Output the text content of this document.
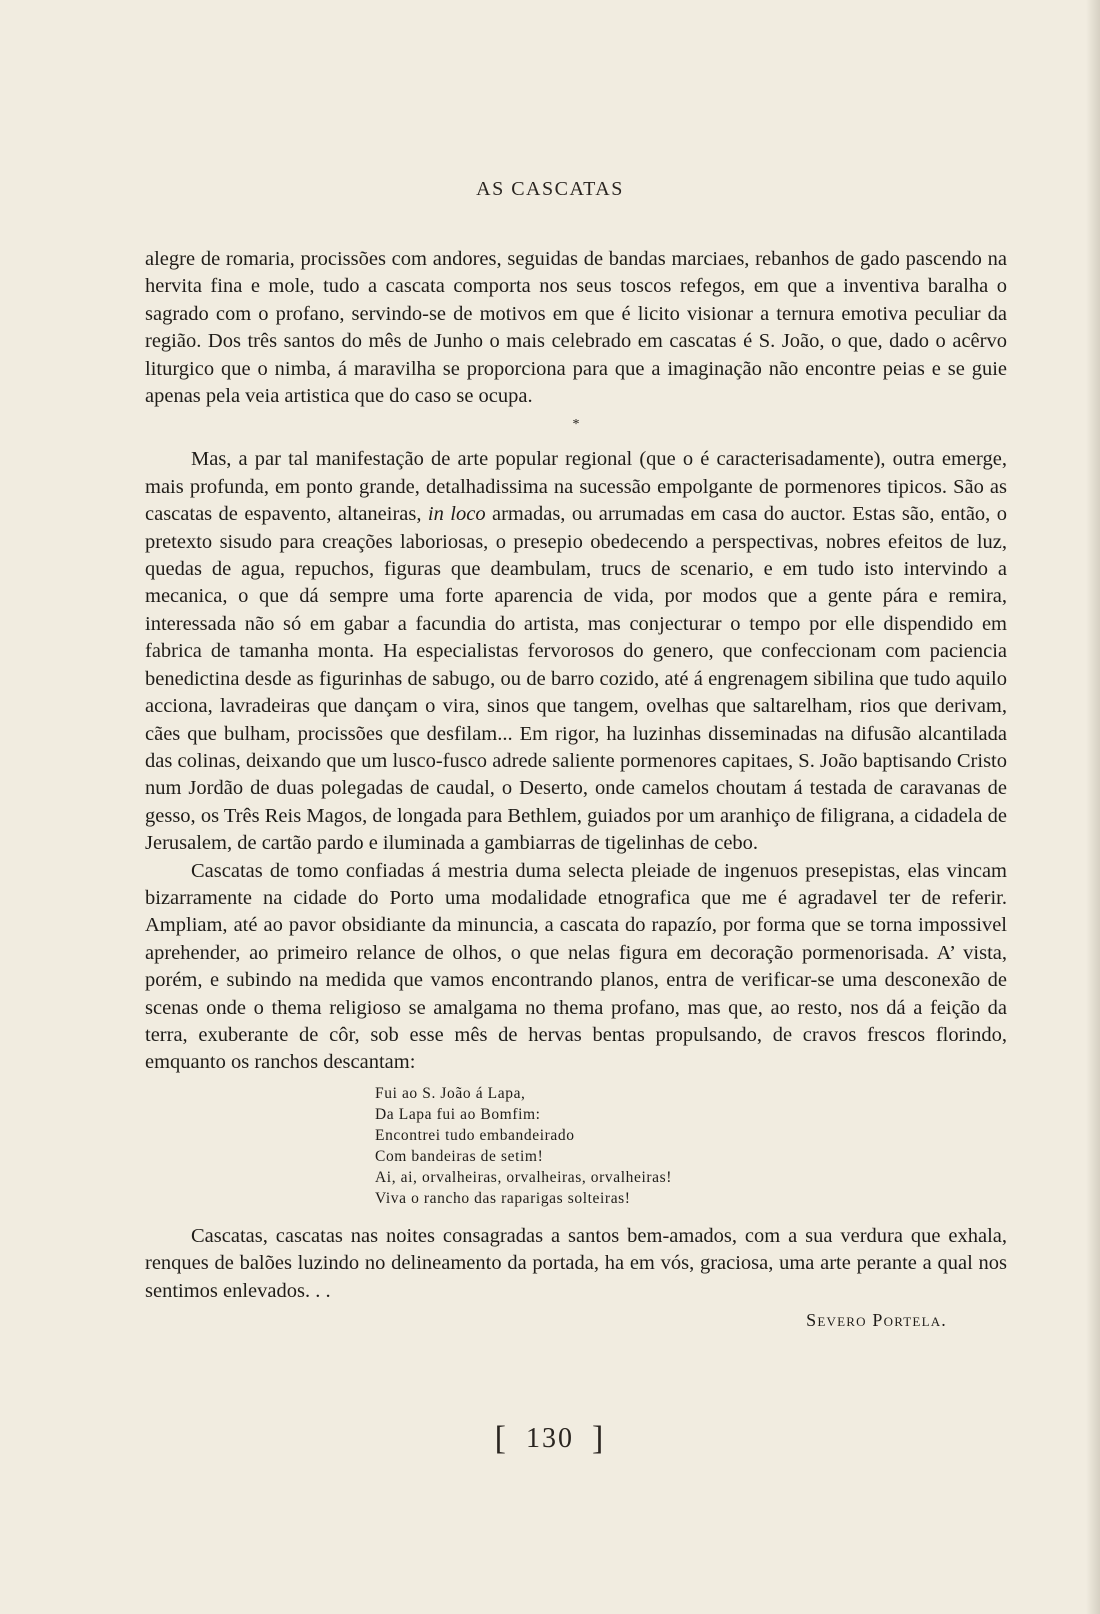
AS CASCATAS

alegre de romaria, procissões com andores, seguidas de bandas marciaes, rebanhos de gado pascendo na hervita fina e mole, tudo a cascata comporta nos seus toscos refegos, em que a inventiva baralha o sagrado com o profano, servindo-se de motivos em que é licito visionar a ternura emotiva peculiar da região. Dos três santos do mês de Junho o mais celebrado em cascatas é S. João, o que, dado o acêrvo liturgico que o nimba, á maravilha se proporciona para que a imaginação não encontre peias e se guie apenas pela veia artistica que do caso se ocupa.

*

Mas, a par tal manifestação de arte popular regional (que o é caracterisadamente), outra emerge, mais profunda, em ponto grande, detalhadissima na sucessão empolgante de pormenores tipicos. São as cascatas de espavento, altaneiras, in loco armadas, ou arrumadas em casa do auctor. Estas são, então, o pretexto sisudo para creações laboriosas, o presepio obedecendo a perspectivas, nobres efeitos de luz, quedas de agua, repuchos, figuras que deambulam, trucs de scenario, e em tudo isto intervindo a mecanica, o que dá sempre uma forte aparencia de vida, por modos que a gente pára e remira, interessada não só em gabar a facundia do artista, mas conjecturar o tempo por elle dispendido em fabrica de tamanha monta. Ha especialistas fervorosos do genero, que confeccionam com paciencia benedictina desde as figurinhas de sabugo, ou de barro cozido, até á engrenagem sibilina que tudo aquilo acciona, lavradeiras que dançam o vira, sinos que tangem, ovelhas que saltarelham, rios que derivam, cães que bulham, procissões que desfilam... Em rigor, ha luzinhas disseminadas na difusão alcantilada das colinas, deixando que um lusco-fusco adrede saliente pormenores capitaes, S. João baptisando Cristo num Jordão de duas polegadas de caudal, o Deserto, onde camelos choutam á testada de caravanas de gesso, os Três Reis Magos, de longada para Bethlem, guiados por um aranhiço de filigrana, a cidadela de Jerusalem, de cartão pardo e iluminada a gambiarras de tigelinhas de cebo.

Cascatas de tomo confiadas á mestria duma selecta pleiade de ingenuos presepistas, elas vincam bizarramente na cidade do Porto uma modalidade etnografica que me é agradavel ter de referir. Ampliam, até ao pavor obsidiante da minuncia, a cascata do rapazío, por forma que se torna impossivel aprehender, ao primeiro relance de olhos, o que nelas figura em decoração pormenorisada. A’ vista, porém, e subindo na medida que vamos encontrando planos, entra de verificar-se uma desconexão de scenas onde o thema religioso se amalgama no thema profano, mas que, ao resto, nos dá a feição da terra, exuberante de côr, sob esse mês de hervas bentas propulsando, de cravos frescos florindo, emquanto os ranchos descantam:

Fui ao S. João á Lapa,
Da Lapa fui ao Bomfim:
Encontrei tudo embandeirado
Com bandeiras de setim!
Ai, ai, orvalheiras, orvalheiras, orvalheiras!
Viva o rancho das raparigas solteiras!

Cascatas, cascatas nas noites consagradas a santos bem-amados, com a sua verdura que exhala, renques de balões luzindo no delineamento da portada, ha em vós, graciosa, uma arte perante a qual nos sentimos enlevados. . .

Severo Portela.

[ 130 ]
